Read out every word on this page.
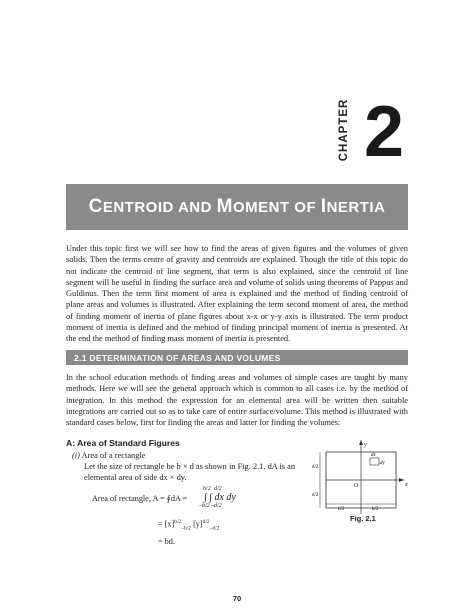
CHAPTER 2
CENTROID AND MOMENT OF INERTIA

Under this topic first we will see how to find the areas of given figures and the volumes of given solids. Then the terms centre of gravity and centroids are explained. Though the title of this topic do not indicate the centroid of line segment, that term is also explained, since the centroid of line segment will be useful in finding the surface area and volume of solids using theorems of Pappus and Guldinus. Then the term first moment of area is explained and the method of finding centroid of plane areas and volumes is illustrated. After explaining the term second moment of area, the method of finding moment of inertia of plane figures about x-x or y-y axis is illustrated. The term product moment of inertia is defined and the mehtod of finding principal moment of inertia is presented. At the end the method of finding mass moment of inertia is presented.

2.1 DETERMINATION OF AREAS AND VOLUMES

In the school education methods of finding areas and volumes of simple cases are taught by many methods. Here we will see the general approach which is common to all cases i.e. by the method of integration. In this method the expression for an elemental area will be written then suitable integrations are carried out so as to take care of entire surface/volume. This method is illustrated with standard cases below, first for finding the areas and latter for finding the volumes:

A: Area of Standard Figures

(i) Area of a rectangle

Let the size of rectangle be b × d as shown in Fig. 2.1. dA is an

elemental area of side dx × dy.

Area of rectangle, A = ∮dA =
b/2
–b/2
d/2
–d/2
∫ ∫ dx dy
= $[x]^{b/2}_{-b/2}$ $[y]^{d/2}_{-d/2}$
= bd.
y
x
O
dx
dy
d/2
d/2
b/2	b/2
Fig. 2.1
70
